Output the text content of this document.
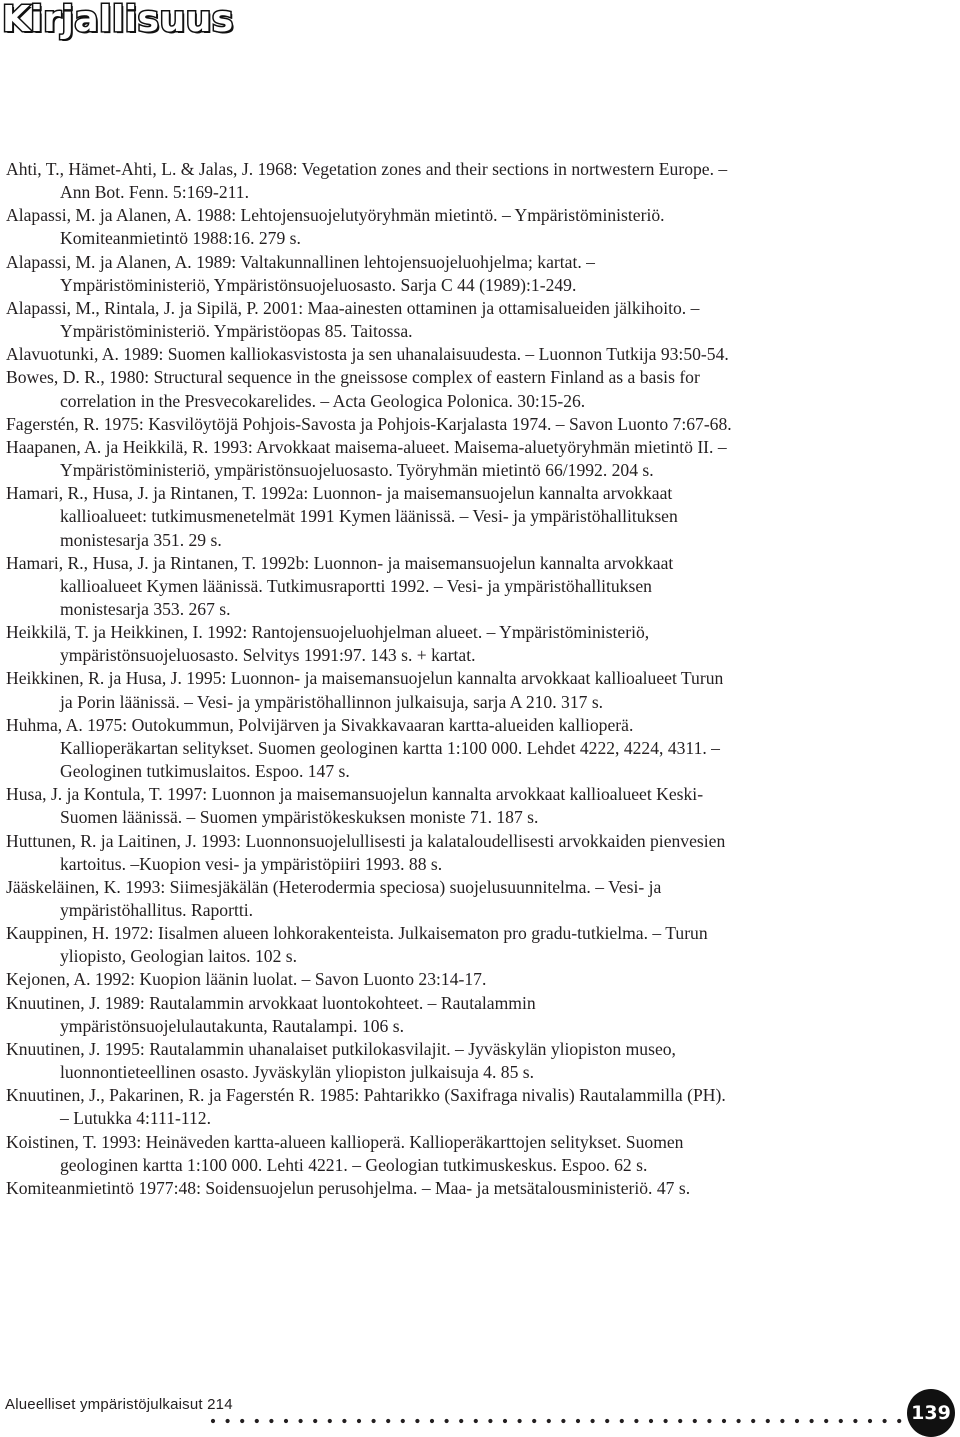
Kirjallisuus
Ahti, T., Hämet-Ahti, L. & Jalas, J. 1968: Vegetation zones and their sections in nortwestern Europe. – Ann Bot. Fenn. 5:169-211.
Alapassi, M. ja Alanen, A. 1988: Lehtojensuojelutyöryhmän mietintö. – Ympäristöministeriö. Komiteanmietintö 1988:16. 279 s.
Alapassi, M. ja Alanen, A. 1989: Valtakunnallinen lehtojensuojeluohjelma; kartat. – Ympäristöministeriö, Ympäristönsuojeluosasto. Sarja C 44 (1989):1-249.
Alapassi, M., Rintala, J. ja Sipilä, P. 2001: Maa-ainesten ottaminen ja ottamisalueiden jälkihoito. –Ympäristöministeriö. Ympäristöopas 85. Taitossa.
Alavuotunki, A. 1989: Suomen kalliokasvistosta ja sen uhanalaisuudesta. – Luonnon Tutkija 93:50-54.
Bowes, D. R., 1980: Structural sequence in the gneissose complex of eastern Finland as a basis for correlation in the Presvecokarelides. – Acta Geologica Polonica. 30:15-26.
Fagerstén, R. 1975: Kasvilöytöjä Pohjois-Savosta ja Pohjois-Karjalasta 1974. – Savon Luonto 7:67-68.
Haapanen, A. ja Heikkilä, R. 1993: Arvokkaat maisema-alueet. Maisema-aluetyöryhmän mietintö II. – Ympäristöministeriö, ympäristönsuojeluosasto. Työryhmän mietintö 66/1992. 204 s.
Hamari, R., Husa, J. ja Rintanen, T. 1992a: Luonnon- ja maisemansuojelun kannalta arvokkaat kallioalueet: tutkimusmenetelmät 1991 Kymen läänissä. – Vesi- ja ympäristöhallituksen monistesarja 351. 29 s.
Hamari, R., Husa, J. ja Rintanen, T. 1992b: Luonnon- ja maisemansuojelun kannalta arvokkaat kallioalueet Kymen läänissä. Tutkimusraportti 1992. – Vesi- ja ympäristöhallituksen monistesarja 353. 267 s.
Heikkilä, T. ja Heikkinen, I. 1992: Rantojensuojeluohjelman alueet. – Ympäristöministeriö, ympäristönsuojeluosasto. Selvitys 1991:97. 143 s. + kartat.
Heikkinen, R. ja Husa, J. 1995: Luonnon- ja maisemansuojelun kannalta arvokkaat kallioalueet Turun ja Porin läänissä. – Vesi- ja ympäristöhallinnon julkaisuja, sarja A 210. 317 s.
Huhma, A. 1975: Outokummun, Polvijärven ja Sivakkavaaran kartta-alueiden kallioperä. Kallioperäkartan selitykset. Suomen geologinen kartta 1:100 000. Lehdet 4222, 4224, 4311. – Geologinen tutkimuslaitos. Espoo. 147 s.
Husa, J. ja Kontula, T. 1997: Luonnon ja maisemansuojelun kannalta arvokkaat kallioalueet Keski-Suomen läänissä. – Suomen ympäristökeskuksen moniste 71. 187 s.
Huttunen, R. ja Laitinen, J. 1993: Luonnonsuojelullisesti ja kalataloudellisesti arvokkaiden pienvesien kartoitus. –Kuopion vesi- ja ympäristöpiiri 1993. 88 s.
Jääskeläinen, K. 1993: Siimesjäkälän (Heterodermia speciosa) suojelusuunnitelma. – Vesi- ja ympäristöhallitus. Raportti.
Kauppinen, H. 1972: Iisalmen alueen lohkorakenteista. Julkaisematon pro gradu-tutkielma. – Turun yliopisto, Geologian laitos. 102 s.
Kejonen, A. 1992: Kuopion läänin luolat. – Savon Luonto 23:14-17.
Knuutinen, J. 1989: Rautalammin arvokkaat luontokohteet. – Rautalammin ympäristönsuojelulautakunta, Rautalampi. 106 s.
Knuutinen, J. 1995: Rautalammin uhanalaiset putkilokasvilajit. – Jyväskylän yliopiston museo, luonnontieteellinen osasto. Jyväskylän yliopiston julkaisuja 4. 85 s.
Knuutinen, J., Pakarinen, R. ja Fagerstén R. 1985: Pahtarikko (Saxifraga nivalis) Rautalammilla (PH). – Lutukka 4:111-112.
Koistinen, T. 1993: Heinäveden kartta-alueen kallioperä. Kallioperäkarttojen selitykset. Suomen geologinen kartta 1:100 000. Lehti 4221. – Geologian tutkimuskeskus. Espoo. 62 s.
Komiteanmietintö 1977:48: Soidensuojelun perusohjelma. – Maa- ja metsätalousministeriö. 47 s.
Alueelliset ympäristöjulkaisut 214	139
